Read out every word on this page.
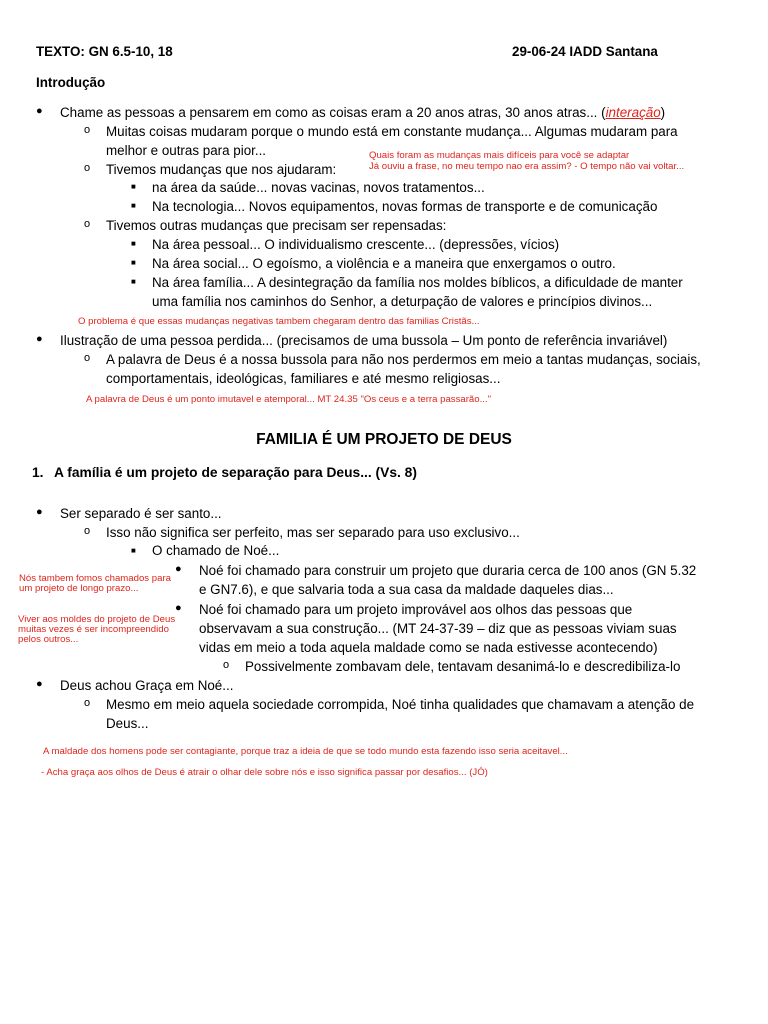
TEXTO: GN 6.5-10, 18	29-06-24 IADD Santana
Introdução
● Chame as pessoas a pensarem em como as coisas eram a 20 anos atras, 30 anos atras... (interação)
o Muitas coisas mudaram porque o mundo está em constante mudança... Algumas mudaram para
melhor e outras para pior...
o Tivemos mudanças que nos ajudaram:
■ na área da saúde... novas vacinas, novos tratamentos...
■ Na tecnologia... Novos equipamentos, novas formas de transporte e de comunicação
o Tivemos outras mudanças que precisam ser repensadas:
■ Na área pessoal... O individualismo crescente... (depressões, vícios)
■ Na área social... O egoísmo, a violência e a maneira que enxergamos o outro.
■ Na área família... A desintegração da família nos moldes bíblicos, a dificuldade de manter
uma família nos caminhos do Senhor, a deturpação de valores e princípios divinos...
Quais foram as mudanças mais difíceis para você se adaptar
Já ouviu a frase, no meu tempo nao era assim? - O tempo não vai voltar...
O problema é que essas mudanças negativas tambem chegaram dentro das familias Cristãs...
● Ilustração de uma pessoa perdida... (precisamos de uma bussola – Um ponto de referência invariável)
o A palavra de Deus é a nossa bussola para não nos perdermos em meio a tantas mudanças, sociais,
comportamentais, ideológicas, familiares e até mesmo religiosas...
A palavra de Deus é um ponto imutavel e atemporal... MT 24.35 "Os ceus e a terra passarão..."
FAMILIA É UM PROJETO DE DEUS
1. A família é um projeto de separação para Deus... (Vs. 8)
● Ser separado é ser santo...
o Isso não significa ser perfeito, mas ser separado para uso exclusivo...
■ O chamado de Noé...
● Noé foi chamado para construir um projeto que duraria cerca de 100 anos (GN 5.32
e GN7.6), e que salvaria toda a sua casa da maldade daqueles dias...
Nós tambem fomos chamados para
um projeto de longo prazo...
● Noé foi chamado para um projeto improvável aos olhos das pessoas que
observavam a sua construção... (MT 24-37-39 – diz que as pessoas viviam suas
vidas em meio a toda aquela maldade como se nada estivesse acontecendo)
Viver aos moldes do projeto de Deus
muitas vezes é ser incompreendido
pelos outros...
o Possivelmente zombavam dele, tentavam desanimá-lo e descredibiliza-lo
● Deus achou Graça em Noé...
o Mesmo em meio aquela sociedade corrompida, Noé tinha qualidades que chamavam a atenção de
Deus...
A maldade dos homens pode ser contagiante, porque traz a ideia de que se todo mundo esta fazendo isso seria aceitavel...
- Acha graça aos olhos de Deus é atrair o olhar dele sobre nós e isso significa passar por desafios... (JÓ)
